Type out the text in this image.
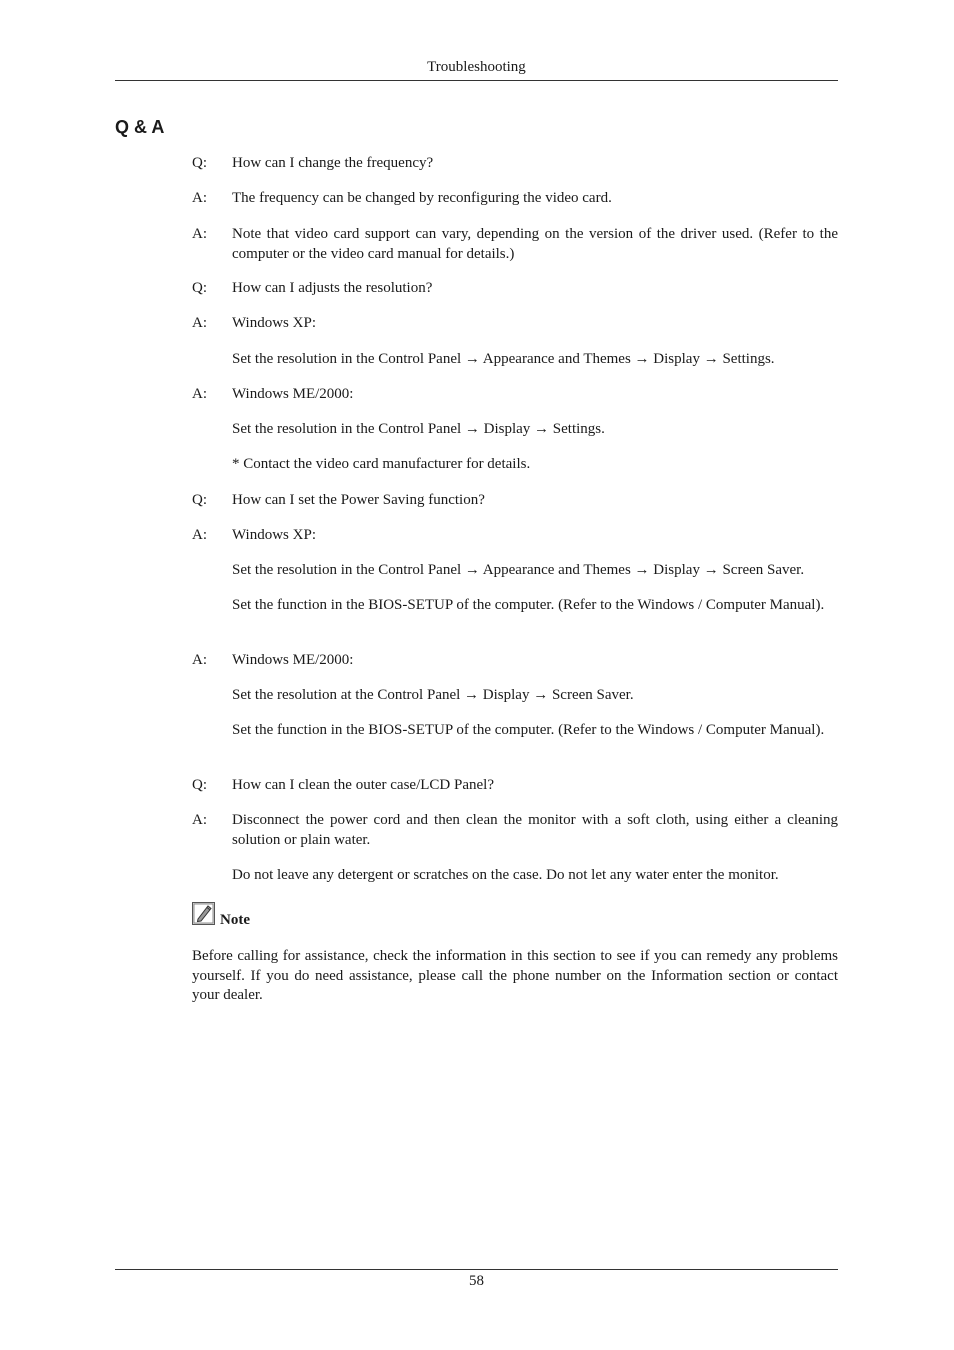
Troubleshooting
Q & A
Q:	How can I change the frequency?
A:	The frequency can be changed by reconfiguring the video card.
A:	Note that video card support can vary, depending on the version of the driver used. (Refer to the computer or the video card manual for details.)
Q:	How can I adjusts the resolution?
A:	Windows XP:
Set the resolution in the Control Panel → Appearance and Themes → Display → Settings.
A:	Windows ME/2000:
Set the resolution in the Control Panel → Display → Settings.
* Contact the video card manufacturer for details.
Q:	How can I set the Power Saving function?
A:	Windows XP:
Set the resolution in the Control Panel → Appearance and Themes → Display → Screen Saver.
Set the function in the BIOS-SETUP of the computer. (Refer to the Windows / Computer Manual).
A:	Windows ME/2000:
Set the resolution at the Control Panel → Display → Screen Saver.
Set the function in the BIOS-SETUP of the computer. (Refer to the Windows / Computer Manual).
Q:	How can I clean the outer case/LCD Panel?
A:	Disconnect the power cord and then clean the monitor with a soft cloth, using either a cleaning solution or plain water.
Do not leave any detergent or scratches on the case. Do not let any water enter the monitor.
Note
Before calling for assistance, check the information in this section to see if you can remedy any problems yourself. If you do need assistance, please call the phone number on the Information section or contact your dealer.
58
